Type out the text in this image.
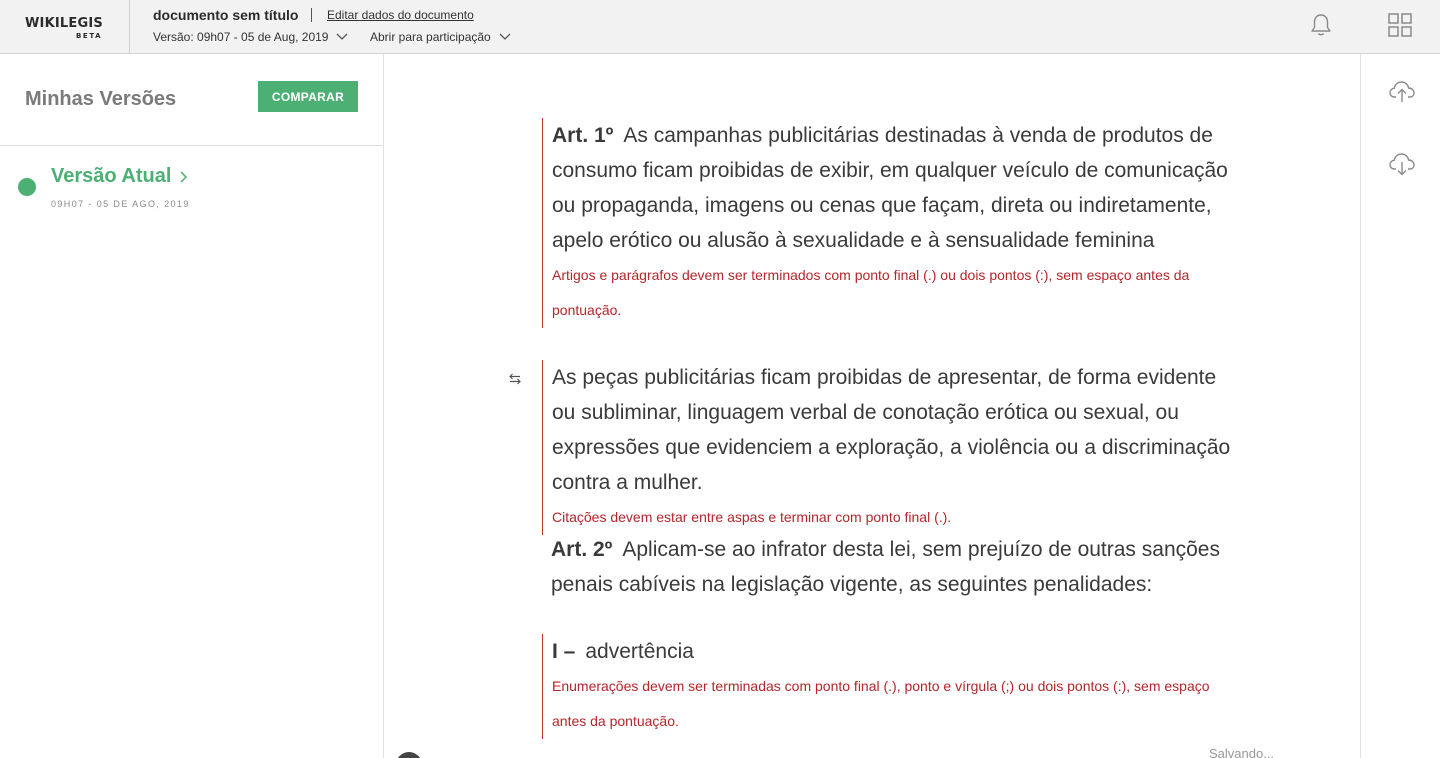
WIKILEGIS
BETA
documento sem título Editar dados do documento
Versão: 09h07 - 05 de Aug, 2019	Abrir para participação
Minhas Versões	COMPARAR
Versão Atual
09H07 - 05 DE AGO, 2019
Art. 1º As campanhas publicitárias destinadas à venda de produtos de consumo ficam proibidas de exibir, em qualquer veículo de comunicação ou propaganda, imagens ou cenas que façam, direta ou indiretamente, apelo erótico ou alusão à sexualidade e à sensualidade feminina
Artigos e parágrafos devem ser terminados com ponto final (.) ou dois pontos (:), sem espaço antes da pontuação.
As peças publicitárias ficam proibidas de apresentar, de forma evidente ou subliminar, linguagem verbal de conotação erótica ou sexual, ou expressões que evidenciem a exploração, a violência ou a discriminação contra a mulher.
Citações devem estar entre aspas e terminar com ponto final (.).
Art. 2º Aplicam-se ao infrator desta lei, sem prejuízo de outras sanções penais cabíveis na legislação vigente, as seguintes penalidades:
I – advertência
Enumerações devem ser terminadas com ponto final (.), ponto e vírgula (;) ou dois pontos (:), sem espaço antes da pontuação.
Salvando...
